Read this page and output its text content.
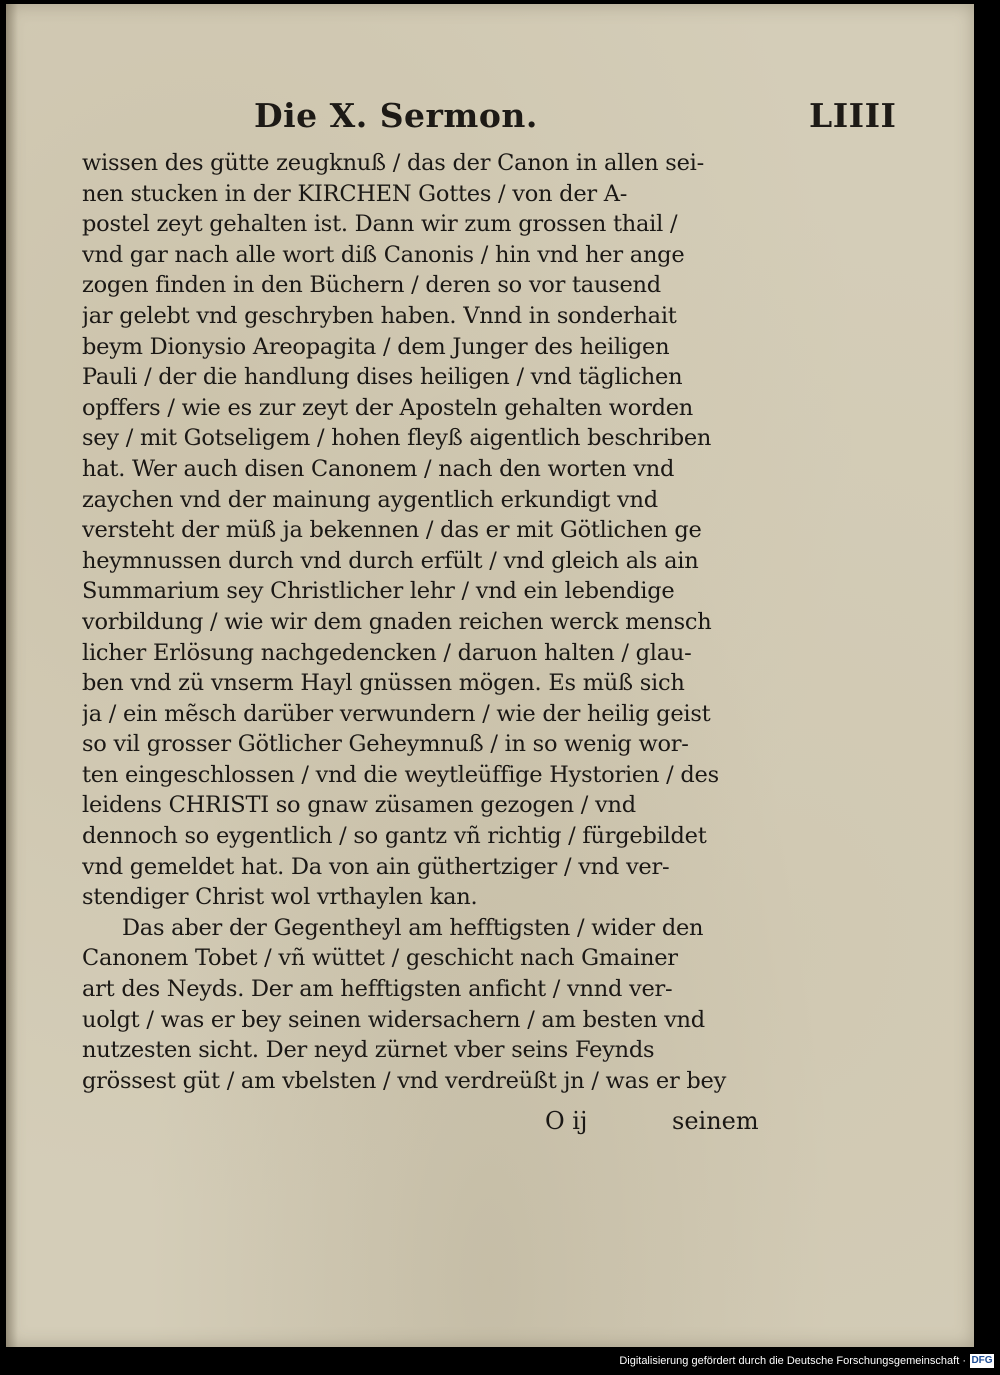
Die X. Sermon.	LIIII
wissen des gütte zeugknuß / das der Canon in allen sei-
nen stucken in der KIRCHEN Gottes / von der A-
postel zeyt gehalten ist. Dann wir zum grossen thail /
vnd gar nach alle wort diß Canonis / hin vnd her ange
zogen finden in den Büchern / deren so vor tausend
jar gelebt vnd geschryben haben. Vnnd in sonderhait
beym Dionysio Areopagita / dem Junger des heiligen
Pauli / der die handlung dises heiligen / vnd täglichen
opffers / wie es zur zeyt der Aposteln gehalten worden
sey / mit Gotseligem / hohen fleyß aigentlich beschriben
hat. Wer auch disen Canonem / nach den worten vnd
zaychen vnd der mainung aygentlich erkundigt vnd
versteht der müß ja bekennen / das er mit Götlichen ge
heymnussen durch vnd durch erfült / vnd gleich als ain
Summarium sey Christlicher lehr / vnd ein lebendige
vorbildung / wie wir dem gnaden reichen werck mensch
licher Erlösung nachgedencken / daruon halten / glau-
ben vnd zü vnserm Hayl gnüssen mögen. Es müß sich
ja / ein mẽsch darüber verwundern / wie der heilig geist
so vil grosser Götlicher Geheymnuß / in so wenig wor-
ten eingeschlossen / vnd die weytleüffige Hystorien / des
leidens CHRISTI so gnaw züsamen gezogen / vnd
dennoch so eygentlich / so gantz vñ richtig / fürgebildet
vnd gemeldet hat. Da von ain güthertziger / vnd ver-
stendiger Christ wol vrthaylen kan.
Das aber der Gegentheyl am hefftigsten / wider den
Canonem Tobet / vñ wüttet / geschicht nach Gmainer
art des Neyds. Der am hefftigsten anficht / vnnd ver-
uolgt / was er bey seinen widersachern / am besten vnd
nutzesten sicht. Der neyd zürnet vber seins Feynds
grössest güt / am vbelsten / vnd verdreüßt jn / was er bey
O ij	seinem
Digitalisierung gefördert durch die Deutsche Forschungsgemeinschaft · DFG
